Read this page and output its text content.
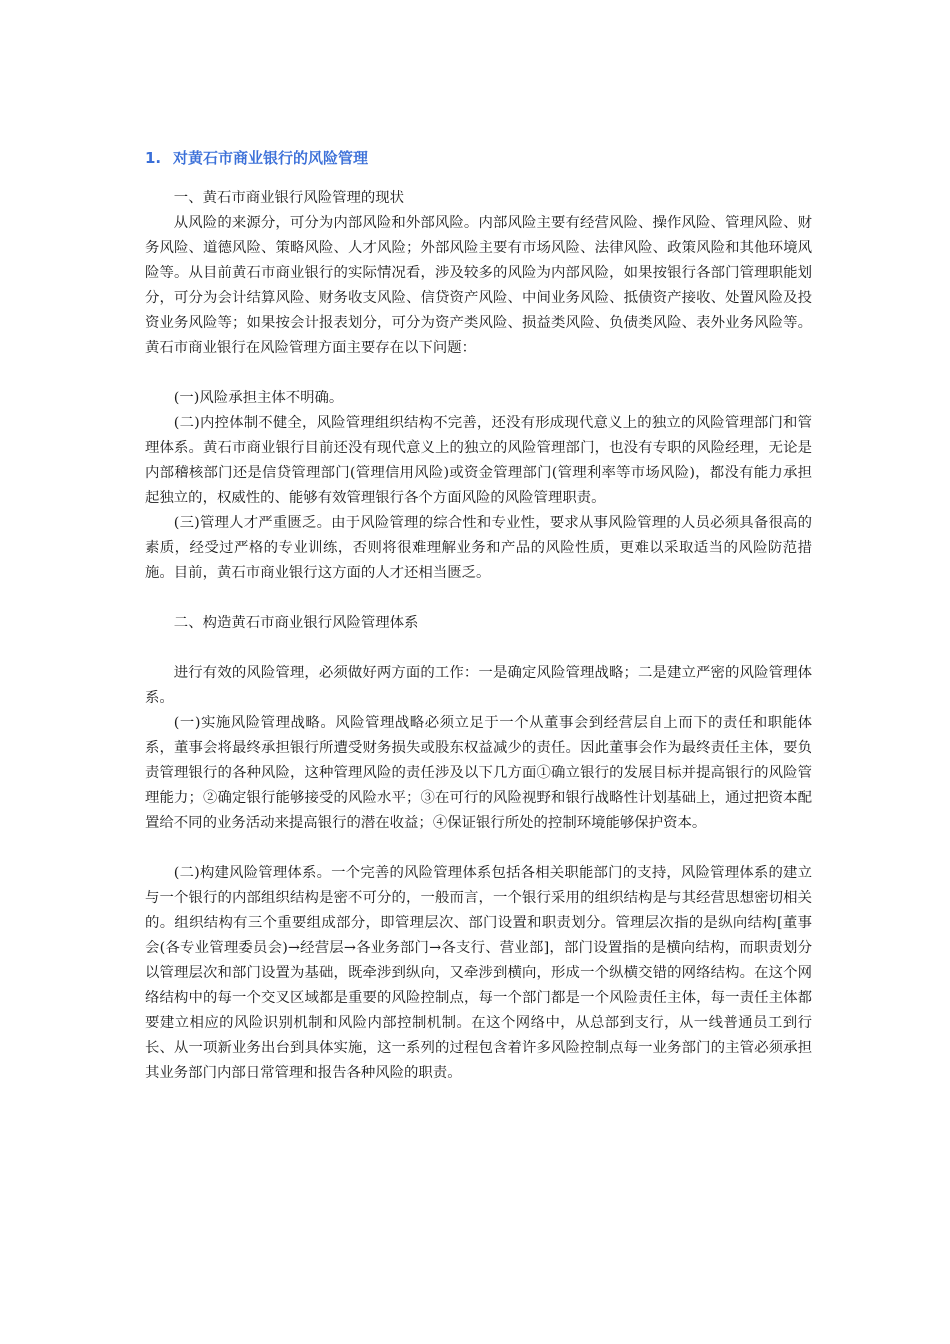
1. 对黄石市商业银行的风险管理

一、黄石市商业银行风险管理的现状

从风险的来源分，可分为内部风险和外部风险。内部风险主要有经营风险、操作风险、管理风险、财务风险、道德风险、策略风险、人才风险；外部风险主要有市场风险、法律风险、政策风险和其他环境风险等。从目前黄石市商业银行的实际情况看，涉及较多的风险为内部风险，如果按银行各部门管理职能划分，可分为会计结算风险、财务收支风险、信贷资产风险、中间业务风险、抵债资产接收、处置风险及投资业务风险等；如果按会计报表划分，可分为资产类风险、损益类风险、负债类风险、表外业务风险等。黄石市商业银行在风险管理方面主要存在以下问题：

(一)风险承担主体不明确。

(二)内控体制不健全，风险管理组织结构不完善，还没有形成现代意义上的独立的风险管理部门和管理体系。黄石市商业银行目前还没有现代意义上的独立的风险管理部门，也没有专职的风险经理，无论是内部稽核部门还是信贷管理部门(管理信用风险)或资金管理部门(管理利率等市场风险)，都没有能力承担起独立的，权威性的、能够有效管理银行各个方面风险的风险管理职责。

(三)管理人才严重匮乏。由于风险管理的综合性和专业性，要求从事风险管理的人员必须具备很高的素质，经受过严格的专业训练，否则将很难理解业务和产品的风险性质，更难以采取适当的风险防范措施。目前，黄石市商业银行这方面的人才还相当匮乏。

二、构造黄石市商业银行风险管理体系

进行有效的风险管理，必须做好两方面的工作：一是确定风险管理战略；二是建立严密的风险管理体系。

(一)实施风险管理战略。风险管理战略必须立足于一个从董事会到经营层自上而下的责任和职能体系，董事会将最终承担银行所遭受财务损失或股东权益减少的责任。因此董事会作为最终责任主体，要负责管理银行的各种风险，这种管理风险的责任涉及以下几方面①确立银行的发展目标并提高银行的风险管理能力；②确定银行能够接受的风险水平；③在可行的风险视野和银行战略性计划基础上，通过把资本配置给不同的业务活动来提高银行的潜在收益；④保证银行所处的控制环境能够保护资本。

(二)构建风险管理体系。一个完善的风险管理体系包括各相关职能部门的支持，风险管理体系的建立与一个银行的内部组织结构是密不可分的，一般而言，一个银行采用的组织结构是与其经营思想密切相关的。组织结构有三个重要组成部分，即管理层次、部门设置和职责划分。管理层次指的是纵向结构[董事会(各专业管理委员会)→经营层→各业务部门→各支行、营业部]，部门设置指的是横向结构，而职责划分以管理层次和部门设置为基础，既牵涉到纵向，又牵涉到横向，形成一个纵横交错的网络结构。在这个网络结构中的每一个交叉区域都是重要的风险控制点，每一个部门都是一个风险责任主体，每一责任主体都要建立相应的风险识别机制和风险内部控制机制。在这个网络中，从总部到支行，从一线普通员工到行长、从一项新业务出台到具体实施，这一系列的过程包含着许多风险控制点每一业务部门的主管必须承担其业务部门内部日常管理和报告各种风险的职责。
